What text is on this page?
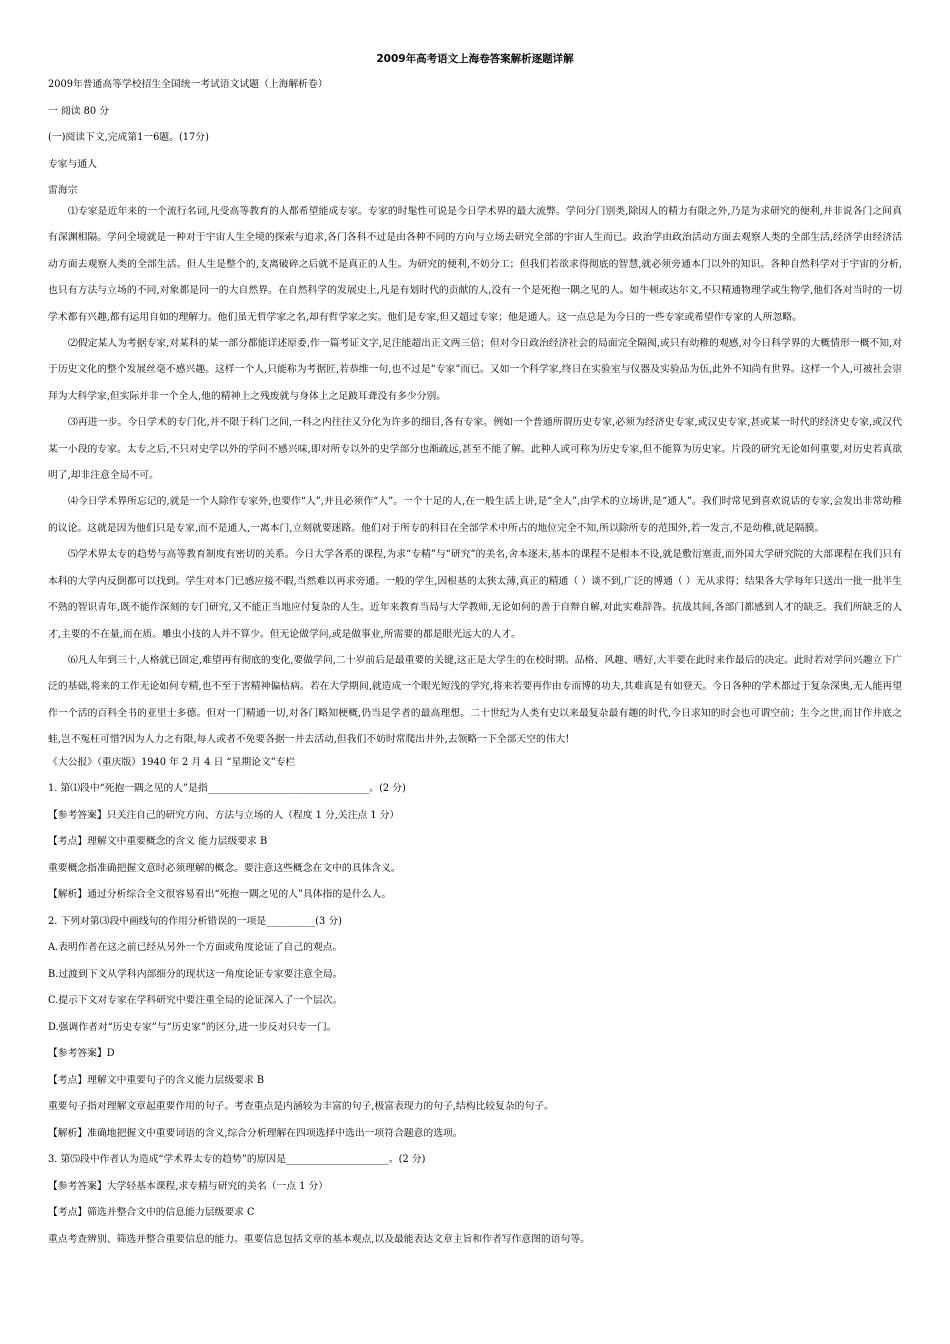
2009年高考语文上海卷答案解析逐题详解
2009年普通高等学校招生全国统一考试语文试题（上海解析卷）
一 阅读 80 分
(一)阅读下文,完成第1一6题。(17分)
专家与通人
雷海宗

⑴专家是近年来的一个流行名词,凡受高等教育的人都希望能成专家。专家的时髦性可说是今日学术界的最大流弊。学问分门别类,除因人的精力有限之外,乃是为求研究的便利,并非说各门之间真有深渊相隔。学问全境就是一种对于宇宙人生全境的探索与追求,各门各科不过是由各种不同的方向与立场去研究全部的宇宙人生而已。政治学由政治活动方面去观察人类的全部生活,经济学由经济活动方面去观察人类的全部生活。但人生是整个的,支离破碎之后就不是真正的人生。为研究的便利,不妨分工；但我们若欲求得彻底的智慧,就必须旁通本门以外的知识。各种自然科学对于宇宙的分析,也只有方法与立场的不同,对象都是同一的大自然界。在自然科学的发展史上,凡是有划时代的贡献的人,没有一个是死抱一隅之见的人。如牛顿或达尔文,不只精通物理学或生物学,他们各对当时的一切学术都有兴趣,都有运用自如的理解力。他们虽无哲学家之名,却有哲学家之实。他们是专家,但又超过专家；他是通人。这一点总是为今日的一些专家或希望作专家的人所忽略。

⑵假定某人为考据专家,对某科的某一部分都能详述原委,作一篇考证文字,足注能超出正文两三倍；但对今日政治经济社会的局面完全隔阂,或只有幼稚的观感,对今日科学界的大概情形一概不知,对于历史文化的整个发展丝毫不感兴趣。这样一个人,只能称为考据匠,若恭维一句,也不过是“专家”而已。又如一个科学家,终日在实验室与仪器及实验品为伍,此外不知尚有世界。这样一个人,可被社会崇拜为大科学家,但实际并非一个全人,他的精神上之残废就与身体上之足跛耳聋没有多少分别。

⑶再进一步。今日学术的专门化,并不限于科门之间,一科之内往往又分化为许多的细目,各有专家。例如一个普通所谓历史专家,必须为经济史专家,或汉史专家,甚或某一时代的经济史专家,或汉代某一小段的专家。太专之后,不只对史学以外的学问不感兴味,即对所专以外的史学部分也渐疏远,甚至不能了解。此种人或可称为历史专家,但不能算为历史家。片段的研究无论如何重要,对历史若真欲明了,却非注意全局不可。

⑷今日学术界所忘记的,就是一个人除作专家外,也要作“人”,并且必须作“人”。一个十足的人,在一般生活上讲,是“全人”,由学术的立场讲,是“通人”。我们时常见到喜欢说话的专家,会发出非常幼稚的议论。这就是因为他们只是专家,而不是通人,一离本门,立刻就要迷路。他们对于所专的科目在全部学术中所占的地位完全不知,所以除所专的范围外,若一发言,不是幼稚,就是隔膜。

⑸学术界太专的趋势与高等教育制度有密切的关系。今日大学各系的课程,为求“专精”与“研究”的美名,舍本逐末,基本的课程不是根本不设,就是敷衍塞责,而外国大学研究院的大部课程在我们只有本科的大学内反倒都可以找到。学生对本门已感应接不暇,当然难以再求旁通。一般的学生,因根基的太狭太薄,真正的精通（ ）谈不到,广泛的博通（ ）无从求得；结果各大学每年只送出一批一批半生不熟的智识青年,既不能作深刻的专门研究,又不能正当地应付复杂的人生。近年来教育当局与大学教师,无论如何的善于自辩自解,对此实难辞咎。抗战其间,各部门都感到人才的缺乏。我们所缺乏的人才,主要的不在量,而在质。雕虫小技的人并不算少。但无论做学问,或是做事业,所需要的都是眼光远大的人才。

⑹凡人年到三十,人格就已固定,难望再有彻底的变化,要做学问,二十岁前后是最重要的关键,这正是大学生的在校时期。品格、风趣、嗜好,大半要在此时来作最后的决定。此时若对学问兴趣立下广泛的基础,将来的工作无论如何专精,也不至于害精神偏枯病。若在大学期间,就造成一个眼光短浅的学究,将来若要再作由专而博的功夫,其难真是有如登天。今日各种的学术都过于复杂深奥,无人能再望作一个活的百科全书的亚里士多德。但对一门精通一切,对各门略知梗概,仍当是学者的最高理想。二十世纪为人类有史以来最复杂最有趣的时代,今日求知的时会也可谓空前；生今之世,而甘作井底之蛙,岂不冤枉可惜?因为人力之有限,每人或者不免要各据一井去活动,但我们不妨时常爬出井外,去领略一下全部天空的伟大!

《大公报》（重庆版）1940 年 2 月 4 日 “星期论文”专栏
1. 第⑴段中“死抱一隅之见的人”是指_________________________________。(2 分)
【参考答案】只关注自己的研究方向、方法与立场的人（程度 1 分,关注点 1 分）
【考点】理解文中重要概念的含义 能力层级要求 B
重要概念指准确把握文意时必须理解的概念。要注意这些概念在文中的具体含义。
【解析】通过分析综合全文很容易看出“死抱一隅之见的人”具体指的是什么人。
2. 下列对第⑶段中画线句的作用分析错误的一项是__________(3 分)
A.表明作者在这之前已经从另外一个方面或角度论证了自己的观点。
B.过渡到下文从学科内部细分的现状这一角度论证专家要注意全局。
C.提示下文对专家在学科研究中要注重全局的论证深入了一个层次。
D.强调作者对“历史专家”与“历史家”的区分,进一步反对只专一门。
【参考答案】D
【考点】理解文中重要句子的含义能力层级要求 B
重要句子指对理解文章起重要作用的句子。考查重点是内涵较为丰富的句子,极富表现力的句子,结构比较复杂的句子。
【解析】准确地把握文中重要词语的含义,综合分析理解在四项选择中选出一项符合题意的选项。
3. 第⑸段中作者认为造成“学术界太专的趋势”的原因是_____________________。(2 分)
【参考答案】大学轻基本课程,求专精与研究的美名（一点 1 分）
【考点】筛选并整合文中的信息能力层级要求 C
重点考查辨别、筛选并整合重要信息的能力。重要信息包括文章的基本观点,以及最能表达文章主旨和作者写作意图的语句等。
